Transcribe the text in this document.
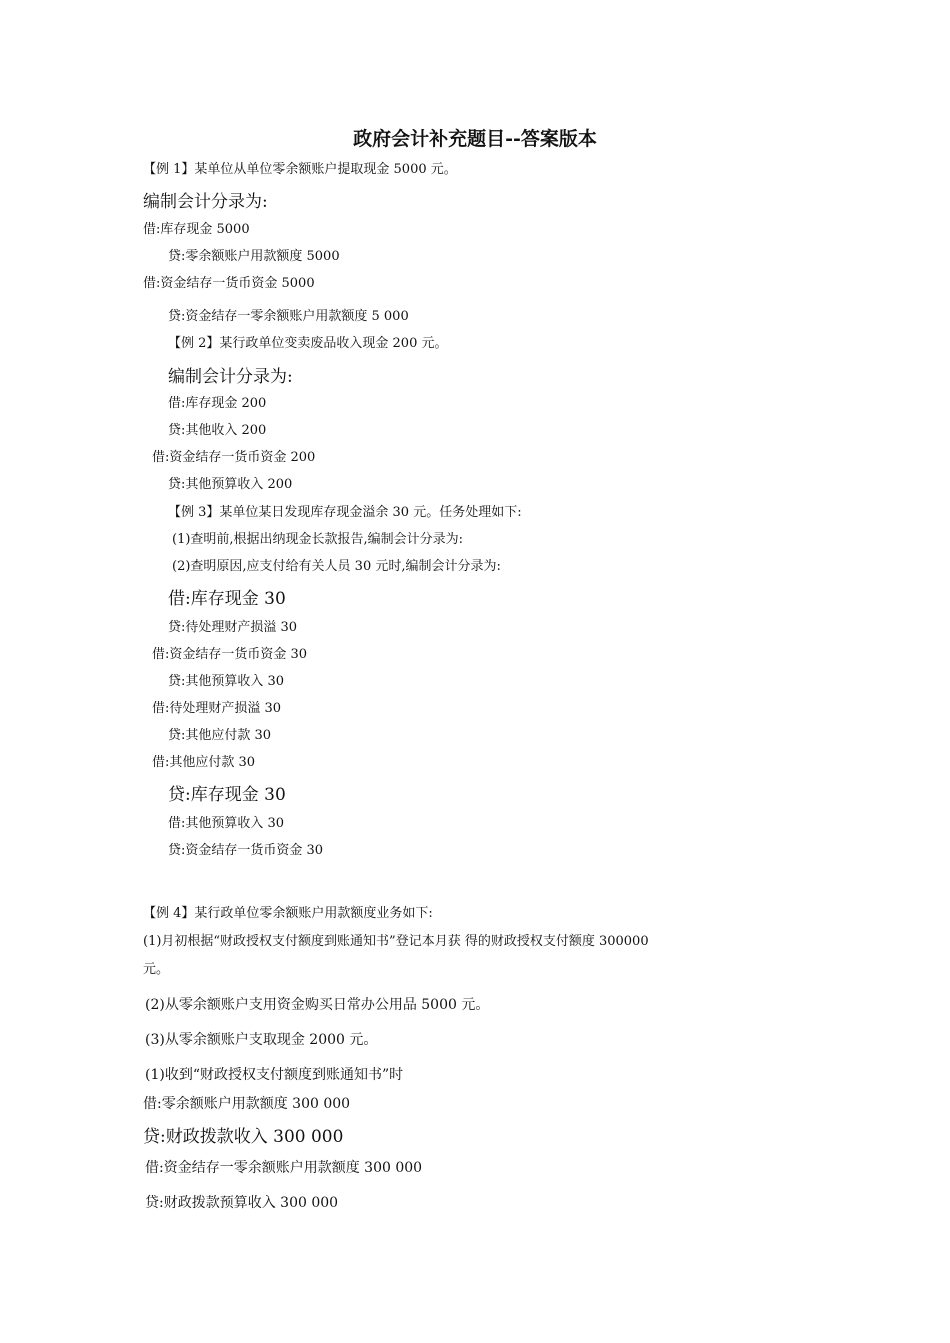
政府会计补充题目--答案版本
【例 1】某单位从单位零余额账户提取现金 5000 元。
编制会计分录为:
借:库存现金 5000
贷:零余额账户用款额度 5000
借:资金结存一货币资金 5000
贷:资金结存一零余额账户用款额度 5 000
【例 2】某行政单位变卖废品收入现金 200 元。
编制会计分录为:
借:库存现金 200
贷:其他收入 200
借:资金结存一货币资金 200
贷:其他预算收入 200
【例 3】某单位某日发现库存现金溢余 30 元。任务处理如下:
(1)查明前,根据出纳现金长款报告,编制会计分录为:
(2)查明原因,应支付给有关人员 30 元时,编制会计分录为:
借:库存现金 30
贷:待处理财产损溢 30
借:资金结存一货币资金 30
贷:其他预算收入 30
借:待处理财产损溢 30
贷:其他应付款 30
借:其他应付款 30
贷:库存现金 30
借:其他预算收入 30
贷:资金结存一货币资金 30
【例 4】某行政单位零余额账户用款额度业务如下:
(1)月初根据“财政授权支付额度到账通知书”登记本月获 得的财政授权支付额度 300000
元。
(2)从零余额账户支用资金购买日常办公用品 5000 元。
(3)从零余额账户支取现金 2000 元。
(1)收到“财政授权支付额度到账通知书”时
借:零余额账户用款额度 300 000
贷:财政拨款收入 300 000
借:资金结存一零余额账户用款额度 300 000
贷:财政拨款预算收入 300 000
